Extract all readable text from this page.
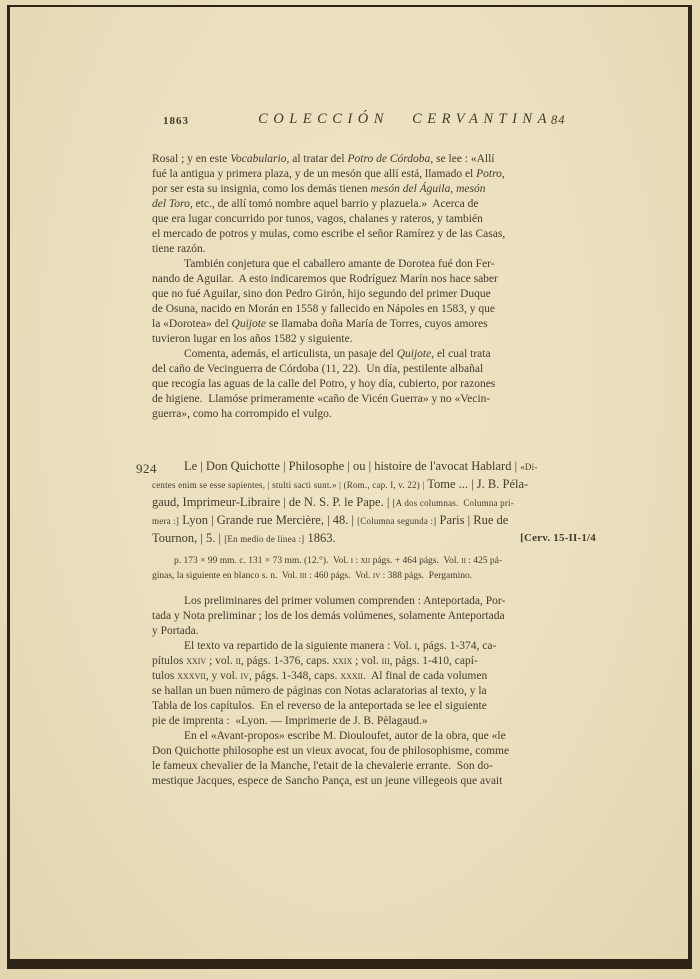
1863	COLECCIÓN CERVANTINA 84
Rosal ; y en este Vocabulario, al tratar del Potro de Córdoba, se lee : «Allí
fué la antigua y primera plaza, y de un mesón que allí está, llamado el Potro,
por ser esta su insignia, como los demás tienen mesón del Águila, mesón
del Toro, etc., de allí tomó nombre aquel barrio y plazuela.»  Acerca de
que era lugar concurrido por tunos, vagos, chalanes y rateros, y también
el mercado de potros y mulas, como escribe el señor Ramírez y de las Casas,
tiene razón.
También conjetura que el caballero amante de Dorotea fué don Fer-
nando de Aguilar.  A esto indicaremos que Rodríguez Marín nos hace saber
que no fué Aguilar, sino don Pedro Girón, hijo segundo del primer Duque
de Osuna, nacido en Morán en 1558 y fallecido en Nápoles en 1583, y que
la «Dorotea» del Quijote se llamaba doña María de Torres, cuyos amores
tuvieron lugar en los años 1582 y siguiente.
Comenta, además, el articulista, un pasaje del Quijote, el cual trata
del caño de Vecinguerra de Córdoba (11, 22).  Un día, pestilente albañal
que recogía las aguas de la calle del Potro, y hoy día, cubierto, por razones
de higiene.  Llamóse primeramente «caño de Vicén Guerra» y no «Vecin-
guerra», como ha corrompido el vulgo.
924	Le | Don Quichotte | Philosophe | ou | histoire de l'avocat Hablard | «Di-
centes enim se esse sapientes, | stulti sacti sunt.» | (Rom., cap. I, v. 22) | Tome ... | J. B. Péla-
gaud, Imprimeur-Libraire | de N. S. P. le Pape. | [A dos columnas.  Columna pri-
mera :] Lyon | Grande rue Mercière, | 48. | [Columna segunda :] Paris | Rue de
Tournon, | 5. | [En medio de línea :] 1863.	[Cerv. 15-II-1/4
p. 173 × 99 mm. c. 131 × 73 mm. (12.°).  Vol. i : xii págs. + 464 págs.  Vol. ii : 425 pá-
ginas, la siguiente en blanco s. n.  Vol. iii : 460 págs.  Vol. iv : 388 págs.  Pergamino.
Los preliminares del primer volumen comprenden : Anteportada, Por-
tada y Nota preliminar ; los de los demás volúmenes, solamente Anteportada
y Portada.
El texto va repartido de la siguiente manera : Vol. i, págs. 1-374, ca-
pítulos xxiv ; vol. ii, págs. 1-376, caps. xxix ; vol. iii, págs. 1-410, capí-
tulos xxxvii, y vol. iv, págs. 1-348, caps. xxxii.  Al final de cada volumen
se hallan un buen número de páginas con Notas aclaratorias al texto, y la
Tabla de los capítulos.  En el reverso de la anteportada se lee el siguiente
pie de imprenta :  «Lyon. — Imprimerie de J. B. Pèlagaud.»
En el «Avant-propos» escribe M. Diouloufet, autor de la obra, que «le
Don Quichotte philosophe est un vieux avocat, fou de philosophisme, comme
le fameux chevalier de la Manche, l'etait de la chevalerie errante.  Son do-
mestique Jacques, espece de Sancho Pança, est un jeune villegeois que avait
